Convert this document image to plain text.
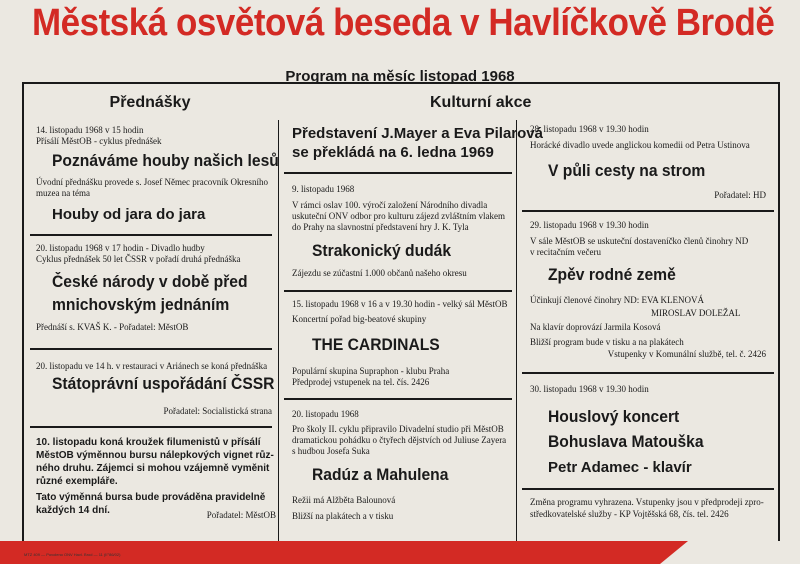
Městská osvětová beseda v Havlíčkově Brodě
Program na měsíc listopad 1968
Přednášky
14. listopadu 1968 v 15 hodin
Přísálí MěstOB - cyklus přednášek
Poznáváme houby našich lesů
Úvodní přednášku provede s. Josef Němec pracovník Okresního muzea na téma
Houby od jara do jara
20. listopadu 1968 v 17 hodin - Divadlo hudby
Cyklus přednášek 50 let ČSSR v pořadí druhá přednáška
České národy v době před
mnichovským jednáním
Přednáší s. KVAŠ K. - Pořadatel: MěstOB
20. listopadu ve 14 h. v restauraci v Ariánech se koná přednáška
Státoprávní uspořádání ČSSR
Pořadatel: Socialistická strana
10. listopadu koná kroužek filumenistů v přísálí
MěstOB výměnnou bursu nálepkových vignet růz-
ného druhu. Zájemci si mohou vzájemně vyměnit
různé exempláře.
Tato výměnná bursa bude prováděna pravidelně
každých 14 dní.	Pořadatel: MěstOB
Kulturní akce
Představení J.Mayer a Eva Pilarová
se překládá na 6. ledna 1969
9. listopadu 1968
V rámci oslav 100. výročí založení Národního divadla
uskuteční ONV odbor pro kulturu zájezd zvláštním vlakem
do Prahy na slavnostní představení hry J. K. Tyla
Strakonický dudák
Zájezdu se zúčastní 1.000 občanů našeho okresu
15. listopadu 1968 v 16 a v 19.30 hodin - velký sál MěstOB
Koncertní pořad big-beatové skupiny
THE CARDINALS
Populární skupina Supraphon - klubu Praha
Předprodej vstupenek na tel. čís. 2426
20. listopadu 1968
Pro školy II. cyklu připravilo Divadelní studio při MěstOB
dramatickou pohádku o čtyřech dějstvích od Juliuse Zayera
s hudbou Josefa Suka
Radúz a Mahulena
Režii má Alžběta Balounová
Bližší na plakátech a v tisku
28. listopadu 1968 v 19.30 hodin
Horácké divadlo uvede anglickou komedii od Petra Ustinova
V půli cesty na strom
Pořadatel: HD
29. listopadu 1968 v 19.30 hodin
V sále MěstOB se uskuteční dostaveníčko členů činohry ND
v recitačním večeru
Zpěv rodné země
Účinkují členové činohry ND: EVA KLENOVÁ
MIROSLAV DOLEŽAL
Na klavír doprovází Jarmila Kosová
Bližší program bude v tisku a na plakátech
Vstupenky v Komunální službě, tel. č. 2426
30. listopadu 1968 v 19.30 hodin
Houslový koncert
Bohuslava Matouška
Petr Adamec - klavír
Změna programu vyhrazena. Vstupenky jsou v předprodeji zpro-
středkovatelské služby - KP Vojtěšská 68, čís. tel. 2426
MTZ 409 — Povoleno ONV Havl. Brod — 11 (II°86/02)
